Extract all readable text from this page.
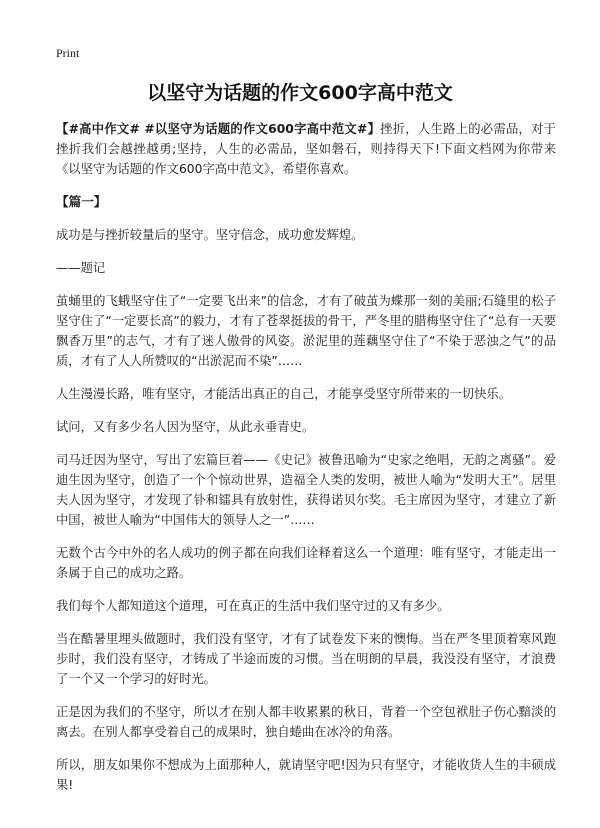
Print
以坚守为话题的作文600字高中范文
【#高中作文# #以坚守为话题的作文600字高中范文#】挫折，人生路上的必需品，对于挫折我们会越挫越勇;坚持，人生的必需品，坚如磐石，则持得天下!下面文档网为你带来《以坚守为话题的作文600字高中范文》，希望你喜欢。
【篇一】
成功是与挫折较量后的坚守。坚守信念，成功愈发辉煌。
——题记
茧蛹里的飞蛾坚守住了“一定要飞出来”的信念，才有了破茧为蝶那一刻的美丽;石缝里的松子坚守住了“一定要长高”的毅力，才有了苍翠挺拔的骨干，严冬里的腊梅坚守住了“总有一天要飘香万里”的志气，才有了迷人傲骨的风姿。淤泥里的莲藕坚守住了“不染于恶浊之气”的品质，才有了人人所赞叹的“出淤泥而不染”……
人生漫漫长路，唯有坚守，才能活出真正的自己，才能享受坚守所带来的一切快乐。
试问，又有多少名人因为坚守，从此永垂青史。
司马迁因为坚守，写出了宏篇巨着——《史记》被鲁迅喻为“史家之绝唱，无韵之离骚”。爱迪生因为坚守，创造了一个个惊动世界，造福全人类的发明，被世人喻为“发明大王”。居里夫人因为坚守，才发现了钋和镭具有放射性，获得诺贝尔奖。毛主席因为坚守，才建立了新中国，被世人喻为“中国伟大的领导人之一”……
无数个古今中外的名人成功的例子都在向我们诠释着这么一个道理：唯有坚守，才能走出一条属于自己的成功之路。
我们每个人都知道这个道理，可在真正的生活中我们坚守过的又有多少。
当在酷暑里埋头做题时，我们没有坚守，才有了试卷发下来的懊悔。当在严冬里顶着寒风跑步时，我们没有坚守，才铸成了半途而废的习惯。当在明朗的早晨，我没没有坚守，才浪费了一个又一个学习的好时光。
正是因为我们的不坚守，所以才在别人都丰收累累的秋日，背着一个空包袱肚子伤心黯淡的离去。在别人都享受着自己的成果时，独自蜷曲在冰冷的角落。
所以，朋友如果你不想成为上面那种人，就请坚守吧!因为只有坚守，才能收货人生的丰硕成果!
